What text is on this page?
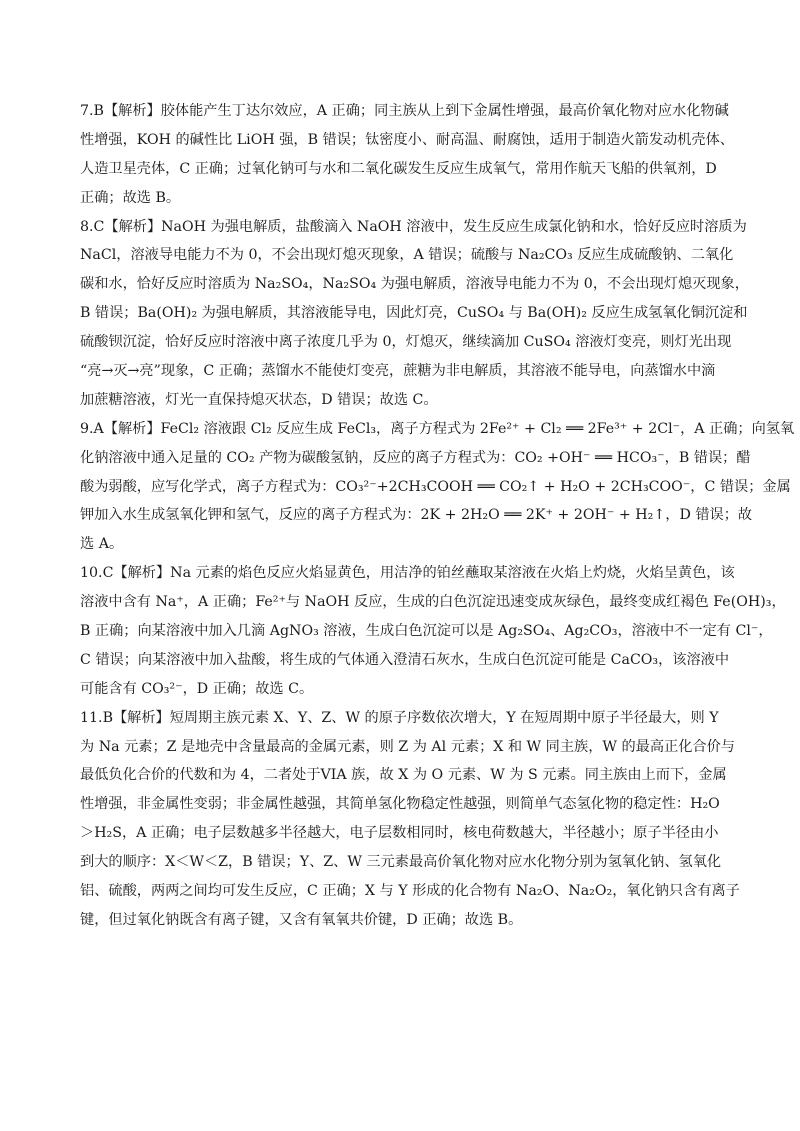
7.B【解析】胶体能产生丁达尔效应，A 正确；同主族从上到下金属性增强，最高价氧化物对应水化物碱
性增强，KOH 的碱性比 LiOH 强，B 错误；钛密度小、耐高温、耐腐蚀，适用于制造火箭发动机壳体、
人造卫星壳体，C 正确；过氧化钠可与水和二氧化碳发生反应生成氧气，常用作航天飞船的供氧剂，D
正确；故选 B。
8.C【解析】NaOH 为强电解质，盐酸滴入 NaOH 溶液中，发生反应生成氯化钠和水，恰好反应时溶质为
NaCl，溶液导电能力不为 0，不会出现灯熄灭现象，A 错误；硫酸与 Na₂CO₃ 反应生成硫酸钠、二氧化
碳和水，恰好反应时溶质为 Na₂SO₄，Na₂SO₄ 为强电解质，溶液导电能力不为 0，不会出现灯熄灭现象，
B 错误；Ba(OH)₂ 为强电解质，其溶液能导电，因此灯亮，CuSO₄ 与 Ba(OH)₂ 反应生成氢氧化铜沉淀和
硫酸钡沉淀，恰好反应时溶液中离子浓度几乎为 0，灯熄灭，继续滴加 CuSO₄ 溶液灯变亮，则灯光出现
“亮→灭→亮”现象，C 正确；蒸馏水不能使灯变亮，蔗糖为非电解质，其溶液不能导电，向蒸馏水中滴
加蔗糖溶液，灯光一直保持熄灭状态，D 错误；故选 C。
9.A【解析】FeCl₂ 溶液跟 Cl₂ 反应生成 FeCl₃，离子方程式为 2Fe²⁺ + Cl₂ ══ 2Fe³⁺ + 2Cl⁻，A 正确；向氢氧
化钠溶液中通入足量的 CO₂ 产物为碳酸氢钠，反应的离子方程式为：CO₂ +OH⁻ ══ HCO₃⁻，B 错误；醋
酸为弱酸，应写化学式，离子方程式为：CO₃²⁻+2CH₃COOH ══ CO₂↑ + H₂O + 2CH₃COO⁻，C 错误；金属
钾加入水生成氢氧化钾和氢气，反应的离子方程式为：2K + 2H₂O ══ 2K⁺ + 2OH⁻ + H₂↑，D 错误；故
选 A。
10.C【解析】Na 元素的焰色反应火焰显黄色，用洁净的铂丝蘸取某溶液在火焰上灼烧，火焰呈黄色，该
溶液中含有 Na⁺，A 正确；Fe²⁺与 NaOH 反应，生成的白色沉淀迅速变成灰绿色，最终变成红褐色 Fe(OH)₃，
B 正确；向某溶液中加入几滴 AgNO₃ 溶液，生成白色沉淀可以是 Ag₂SO₄、Ag₂CO₃，溶液中不一定有 Cl⁻，
C 错误；向某溶液中加入盐酸，将生成的气体通入澄清石灰水，生成白色沉淀可能是 CaCO₃，该溶液中
可能含有 CO₃²⁻，D 正确；故选 C。
11.B【解析】短周期主族元素 X、Y、Z、W 的原子序数依次增大，Y 在短周期中原子半径最大，则 Y
为 Na 元素；Z 是地壳中含量最高的金属元素，则 Z 为 Al 元素；X 和 W 同主族，W 的最高正化合价与
最低负化合价的代数和为 4，二者处于VIA 族，故 X 为 O 元素、W 为 S 元素。同主族由上而下，金属
性增强，非金属性变弱；非金属性越强，其简单氢化物稳定性越强，则简单气态氢化物的稳定性：H₂O
＞H₂S，A 正确；电子层数越多半径越大，电子层数相同时，核电荷数越大，半径越小；原子半径由小
到大的顺序：X＜W＜Z，B 错误；Y、Z、W 三元素最高价氧化物对应水化物分别为氢氧化钠、氢氧化
铝、硫酸，两两之间均可发生反应，C 正确；X 与 Y 形成的化合物有 Na₂O、Na₂O₂，氧化钠只含有离子
键，但过氧化钠既含有离子键，又含有氧氧共价键，D 正确；故选 B。
